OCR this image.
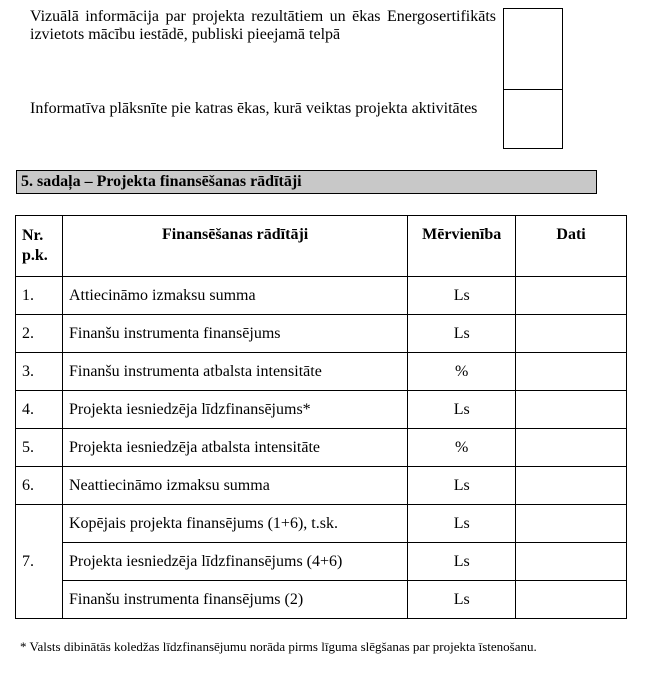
Vizuālā informācija par projekta rezultātiem un ēkas Energosertifikāts izvietots mācību iestādē, publiski pieejamā telpā
Informatīva plāksnīte pie katras ēkas, kurā veiktas projekta aktivitātes
5. sadaļa – Projekta finansēšanas rādītāji
Nr.
p.k.	Finansēšanas rādītāji	Mērvienība	Dati
1.	Attiecināmo izmaksu summa	Ls	
2.	Finanšu instrumenta finansējums	Ls	
3.	Finanšu instrumenta atbalsta intensitāte	%	
4.	Projekta iesniedzēja līdzfinansējums*	Ls	
5.	Projekta iesniedzēja atbalsta intensitāte	%	
6.	Neattiecināmo izmaksu summa	Ls	
7.	Kopējais projekta finansējums (1+6), t.sk.	Ls	
	Projekta iesniedzēja līdzfinansējums (4+6)	Ls	
	Finanšu instrumenta finansējums (2)	Ls	
* Valsts dibinātās koledžas līdzfinansējumu norāda pirms līguma slēgšanas par projekta īstenošanu.
